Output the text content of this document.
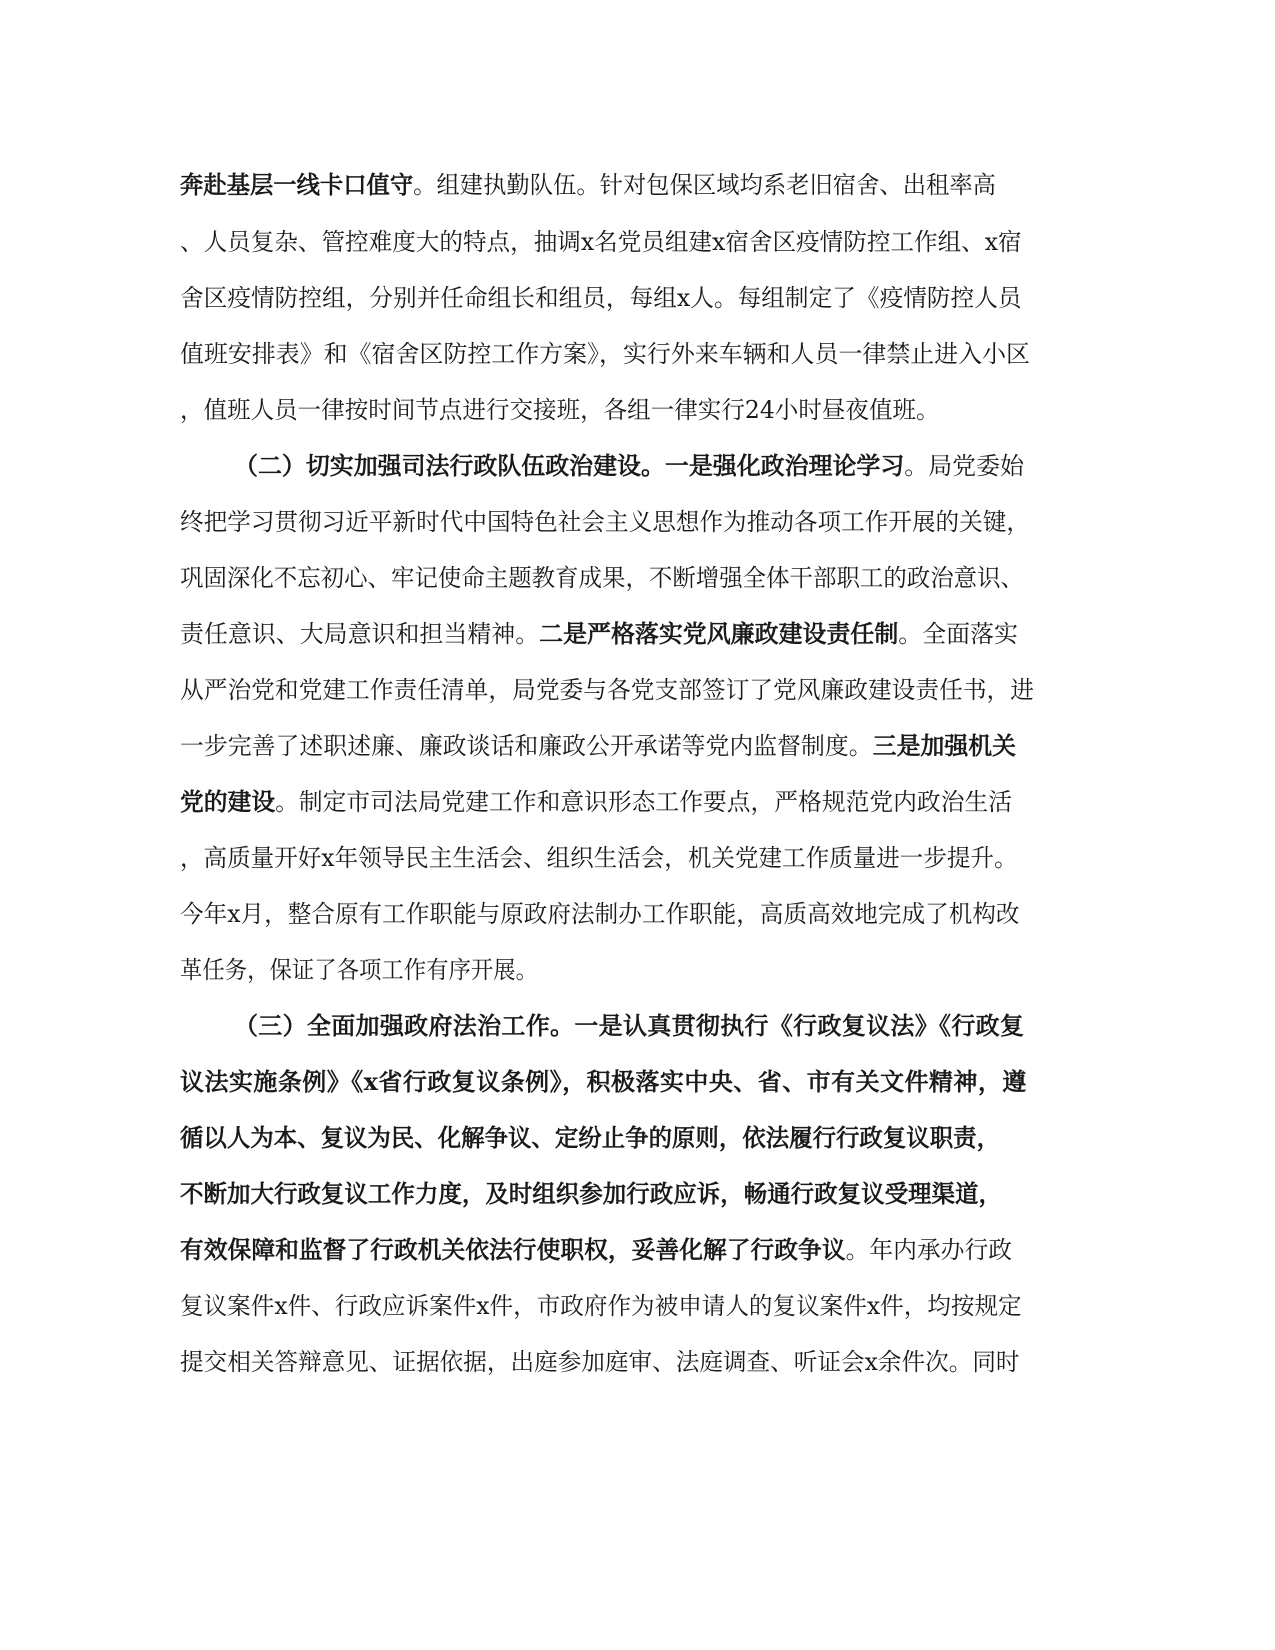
奔赴基层一线卡口值守。组建执勤队伍。针对包保区域均系老旧宿舍、出租率高
、人员复杂、管控难度大的特点，抽调x名党员组建x宿舍区疫情防控工作组、x宿
舍区疫情防控组，分别并任命组长和组员，每组x人。每组制定了《疫情防控人员
值班安排表》和《宿舍区防控工作方案》，实行外来车辆和人员一律禁止进入小区
，值班人员一律按时间节点进行交接班，各组一律实行24小时昼夜值班。
（二）切实加强司法行政队伍政治建设。一是强化政治理论学习。局党委始
终把学习贯彻习近平新时代中国特色社会主义思想作为推动各项工作开展的关键，
巩固深化不忘初心、牢记使命主题教育成果，不断增强全体干部职工的政治意识、
责任意识、大局意识和担当精神。二是严格落实党风廉政建设责任制。全面落实
从严治党和党建工作责任清单，局党委与各党支部签订了党风廉政建设责任书，进
一步完善了述职述廉、廉政谈话和廉政公开承诺等党内监督制度。三是加强机关
党的建设。制定市司法局党建工作和意识形态工作要点，严格规范党内政治生活
，高质量开好x年领导民主生活会、组织生活会，机关党建工作质量进一步提升。
今年x月，整合原有工作职能与原政府法制办工作职能，高质高效地完成了机构改
革任务，保证了各项工作有序开展。
（三）全面加强政府法治工作。一是认真贯彻执行《行政复议法》《行政复
议法实施条例》《x省行政复议条例》，积极落实中央、省、市有关文件精神，遵
循以人为本、复议为民、化解争议、定纷止争的原则，依法履行行政复议职责，
不断加大行政复议工作力度，及时组织参加行政应诉，畅通行政复议受理渠道，
有效保障和监督了行政机关依法行使职权，妥善化解了行政争议。年内承办行政
复议案件x件、行政应诉案件x件，市政府作为被申请人的复议案件x件，均按规定
提交相关答辩意见、证据依据，出庭参加庭审、法庭调查、听证会x余件次。同时
